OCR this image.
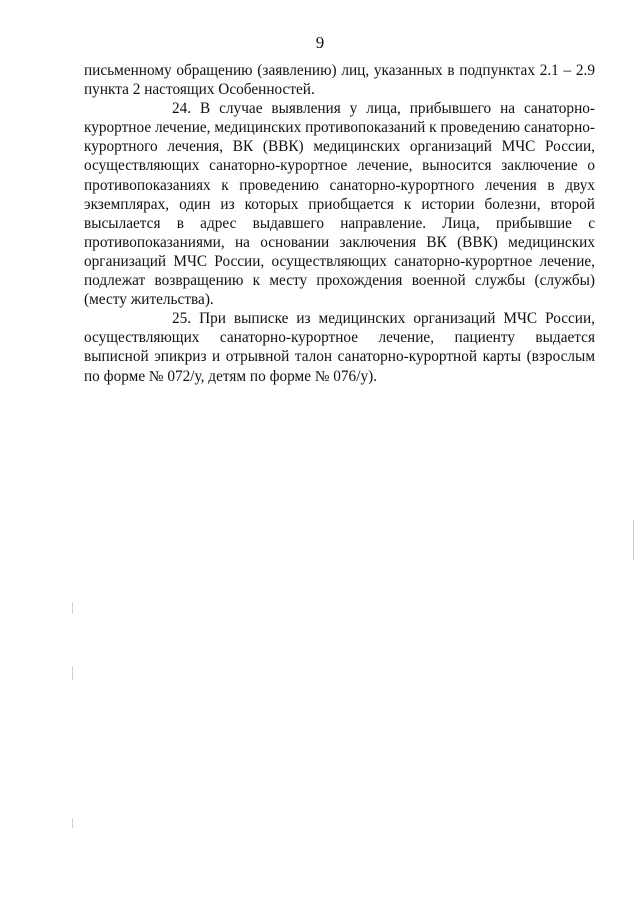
9

письменному обращению (заявлению) лиц, указанных в подпунктах 2.1 – 2.9 пункта 2 настоящих Особенностей.

24. В случае выявления у лица, прибывшего на санаторно-курортное лечение, медицинских противопоказаний к проведению санаторно-курортного лечения, ВК (ВВК) медицинских организаций МЧС России, осуществляющих санаторно-курортное лечение, выносится заключение о противопоказаниях к проведению санаторно-курортного лечения в двух экземплярах, один из которых приобщается к истории болезни, второй высылается в адрес выдавшего направление. Лица, прибывшие с противопоказаниями, на основании заключения ВК (ВВК) медицинских организаций МЧС России, осуществляющих санаторно-курортное лечение, подлежат возвращению к месту прохождения военной службы (службы) (месту жительства).

25. При выписке из медицинских организаций МЧС России, осуществляющих санаторно-курортное лечение, пациенту выдается выписной эпикриз и отрывной талон санаторно-курортной карты (взрослым по форме № 072/у, детям по форме № 076/у).
